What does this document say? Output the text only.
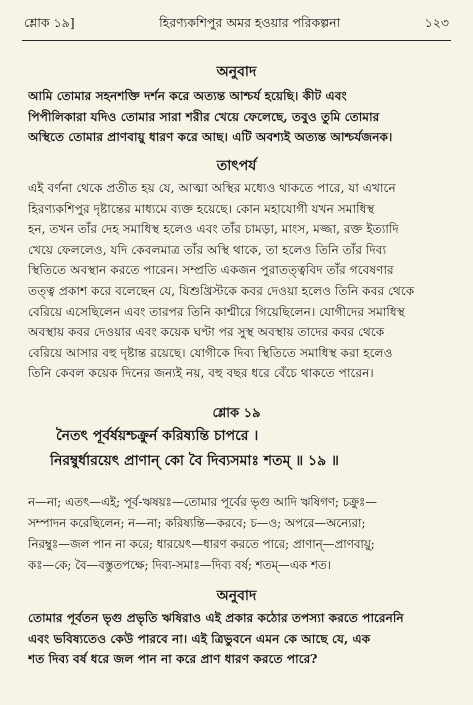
শ্লোক ১৯]	হিরণ্যকশিপুর অমর হওয়ার পরিকল্পনা	১২৩
অনুবাদ
আমি তোমার সহনশক্তি দর্শন করে অত্যন্ত আশ্চর্য হয়েছি। কীট এবং
পিপীলিকারা যদিও তোমার সারা শরীর খেয়ে ফেলেছে, তবুও তুমি তোমার
অস্থিতে তোমার প্রাণবায়ু ধারণ করে আছ। এটি অবশ্যই অত্যন্ত আশ্চর্যজনক।
তাৎপর্য
এই বর্ণনা থেকে প্রতীত হয় যে, আত্মা অস্থির মধ্যেও থাকতে পারে, যা এখানে
হিরণ্যকশিপুর দৃষ্টান্তের মাধ্যমে ব্যক্ত হয়েছে। কোন মহাযোগী যখন সমাধিস্থ
হন, তখন তাঁর দেহ সমাধিস্থ হলেও এবং তাঁর চামড়া, মাংস, মজ্জা, রক্ত ইত্যাদি
খেয়ে ফেললেও, যদি কেবলমাত্র তাঁর অস্থি থাকে, তা হলেও তিনি তাঁর দিব্য
স্থিতিতে অবস্থান করতে পারেন। সম্প্রতি একজন পুরাতত্ত্ববিদ তাঁর গবেষণার
তত্ত্ব প্রকাশ করে বলেছেন যে, যিশুখ্রিস্টকে কবর দেওয়া হলেও তিনি কবর থেকে
বেরিয়ে এসেছিলেন এবং তারপর তিনি কাশ্মীরে গিয়েছিলেন। যোগীদের সমাধিস্থ
অবস্থায় কবর দেওয়ার এবং কয়েক ঘণ্টা পর সুস্থ অবস্থায় তাদের কবর থেকে
বেরিয়ে আসার বহু দৃষ্টান্ত রয়েছে। যোগীকে দিব্য স্থিতিতে সমাধিস্থ করা হলেও
তিনি কেবল কয়েক দিনের জন্যই নয়, বহু বছর ধরে বেঁচে থাকতে পারেন।
শ্লোক ১৯
নৈতৎ পূর্বর্ষয়শ্চক্রুর্ন করিষ্যন্তি চাপরে ।
নিরম্বুর্ধারয়েৎ প্রাণান্ কো বৈ দিব্যসমাঃ শতম্ ॥ ১৯ ॥
ন—না; এতৎ—এই; পূর্ব-ঋষয়ঃ—তোমার পূর্বের ভৃগু আদি ঋষিগণ; চক্রুঃ—
সম্পাদন করেছিলেন; ন—না; করিষ্যন্তি—করবে; চ—ও; অপরে—অন্যেরা;
নিরম্বুঃ—জল পান না করে; ধারয়েৎ—ধারণ করতে পারে; প্রাণান্—প্রাণবায়ু;
কঃ—কে; বৈ—বস্তুতপক্ষে; দিব্য-সমাঃ—দিব্য বর্ষ; শতম্—এক শত।
অনুবাদ
তোমার পূর্বতন ভৃগু প্রভৃতি ঋষিরাও এই প্রকার কঠোর তপস্যা করতে পারেননি
এবং ভবিষ্যতেও কেউ পারবে না। এই ত্রিভুবনে এমন কে আছে যে, এক
শত দিব্য বর্ষ ধরে জল পান না করে প্রাণ ধারণ করতে পারে?
